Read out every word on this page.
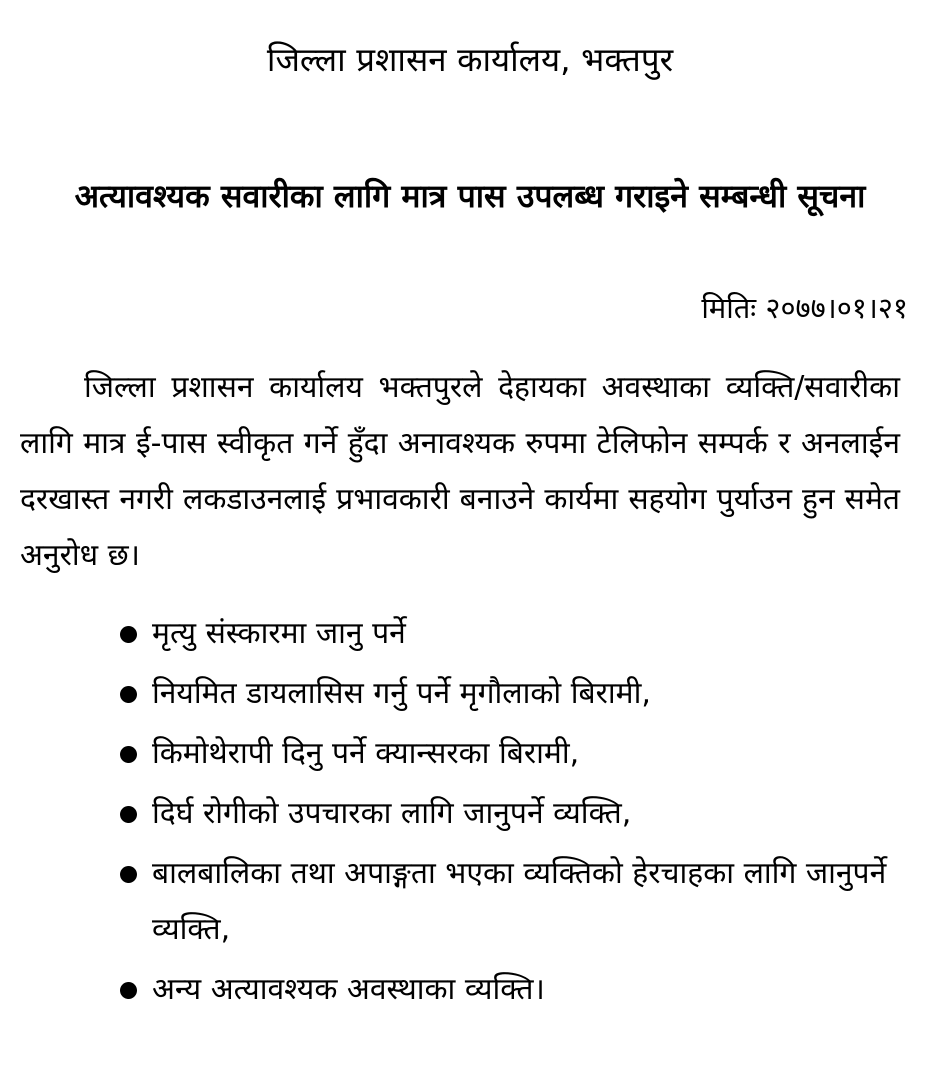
जिल्ला प्रशासन कार्यालय, भक्तपुर
अत्यावश्यक सवारीका लागि मात्र पास उपलब्ध गराइने सम्बन्धी सूचना
मितिः २०७७।०१।२१
जिल्ला प्रशासन कार्यालय भक्तपुरले देहायका अवस्थाका व्यक्ति/सवारीका लागि मात्र ई-पास स्वीकृत गर्ने हुँदा अनावश्यक रुपमा टेलिफोन सम्पर्क र अनलाईन दरखास्त नगरी लकडाउनलाई प्रभावकारी बनाउने कार्यमा सहयोग पुर्याउन हुन समेत अनुरोध छ।
मृत्यु संस्कारमा जानु पर्ने
नियमित डायलासिस गर्नु पर्ने मृगौलाको बिरामी,
किमोथेरापी दिनु पर्ने क्यान्सरका बिरामी,
दिर्घ रोगीको उपचारका लागि जानुपर्ने व्यक्ति,
बालबालिका तथा अपाङ्गता भएका व्यक्तिको हेरचाहका लागि जानुपर्ने व्यक्ति,
अन्य अत्यावश्यक अवस्थाका व्यक्ति।
